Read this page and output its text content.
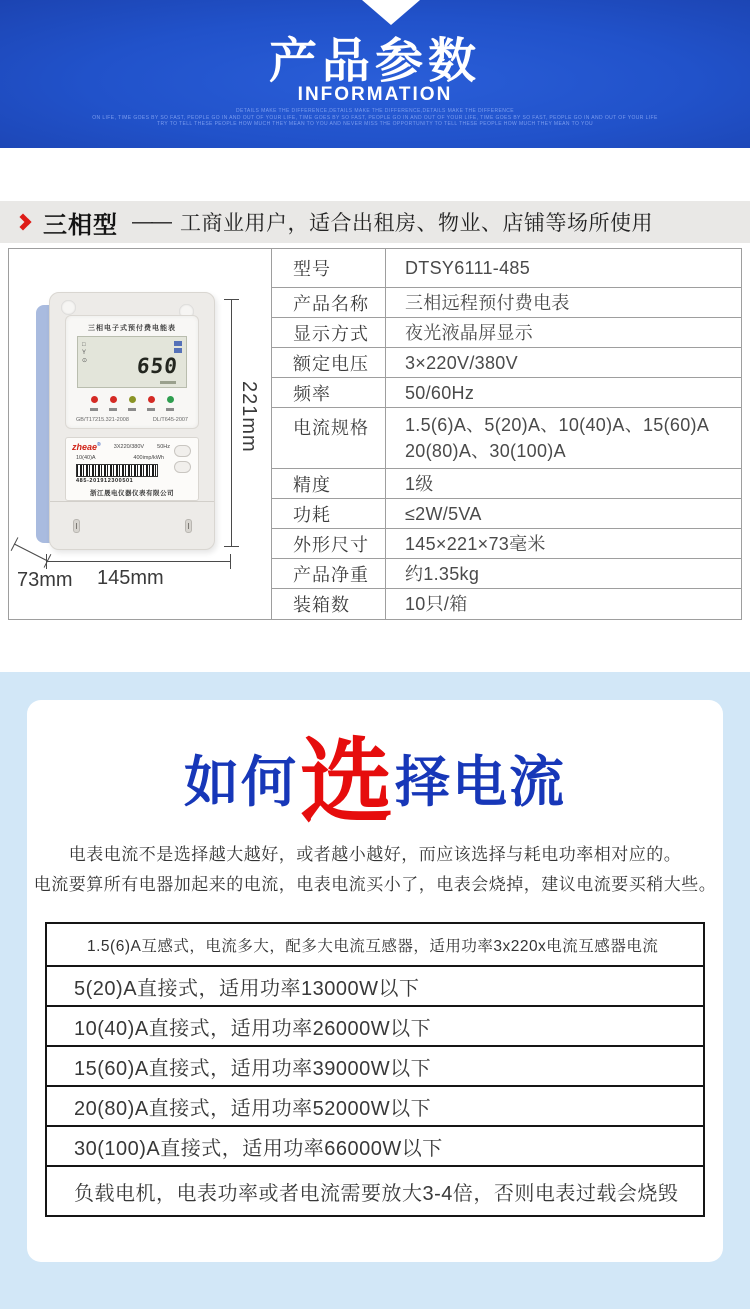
产品参数
INFORMATION
DETAILS MAKE THE DIFFERENCE,DETAILS MAKE THE DIFFERENCE,DETAILS MAKE THE DIFFERENCE
ON LIFE, TIME GOES BY SO FAST, PEOPLE GO IN AND OUT OF YOUR LIFE, TIME GOES BY SO FAST, PEOPLE GO IN AND OUT OF YOUR LIFE, TIME GOES BY SO FAST, PEOPLE GO IN AND OUT OF YOUR LIFE
TRY TO TELL THESE PEOPLE HOW MUCH THEY MEAN TO YOU AND NEVER MISS THE OPPORTUNITY TO TELL THESE PEOPLE HOW MUCH THEY MEAN TO YOU
三相型 —— 工商业用户，适合出租房、物业、店铺等场所使用
三相电子式预付费电能表
□
Y
⊙ 650
GB/T17215.321-2008	DL/T645-2007
zheae® 3X220/380V 50Hz
10(40)A	400imp/kWh
485-201912300501
浙江晟电仪器仪表有限公司
221mm
145mm
73mm
型号	DTSY6111-485
产品名称	三相远程预付费电表
显示方式	夜光液晶屏显示
额定电压	3×220V/380V
频率	50/60Hz
电流规格	1.5(6)A、5(20)A、10(40)A、15(60)A
20(80)A、30(100)A
精度	1级
功耗	≤2W/5VA
外形尺寸	145×221×73毫米
产品净重	约1.35kg
装箱数	10只/箱
如何 选 择电流
电表电流不是选择越大越好，或者越小越好，而应该选择与耗电功率相对应的。
电流要算所有电器加起来的电流，电表电流买小了，电表会烧掉，建议电流要买稍大些。
1.5(6)A互感式，电流多大，配多大电流互感器，适用功率3x220x电流互感器电流
5(20)A直接式，适用功率13000W以下
10(40)A直接式，适用功率26000W以下
15(60)A直接式，适用功率39000W以下
20(80)A直接式，适用功率52000W以下
30(100)A直接式，适用功率66000W以下
负载电机，电表功率或者电流需要放大3-4倍，否则电表过载会烧毁
